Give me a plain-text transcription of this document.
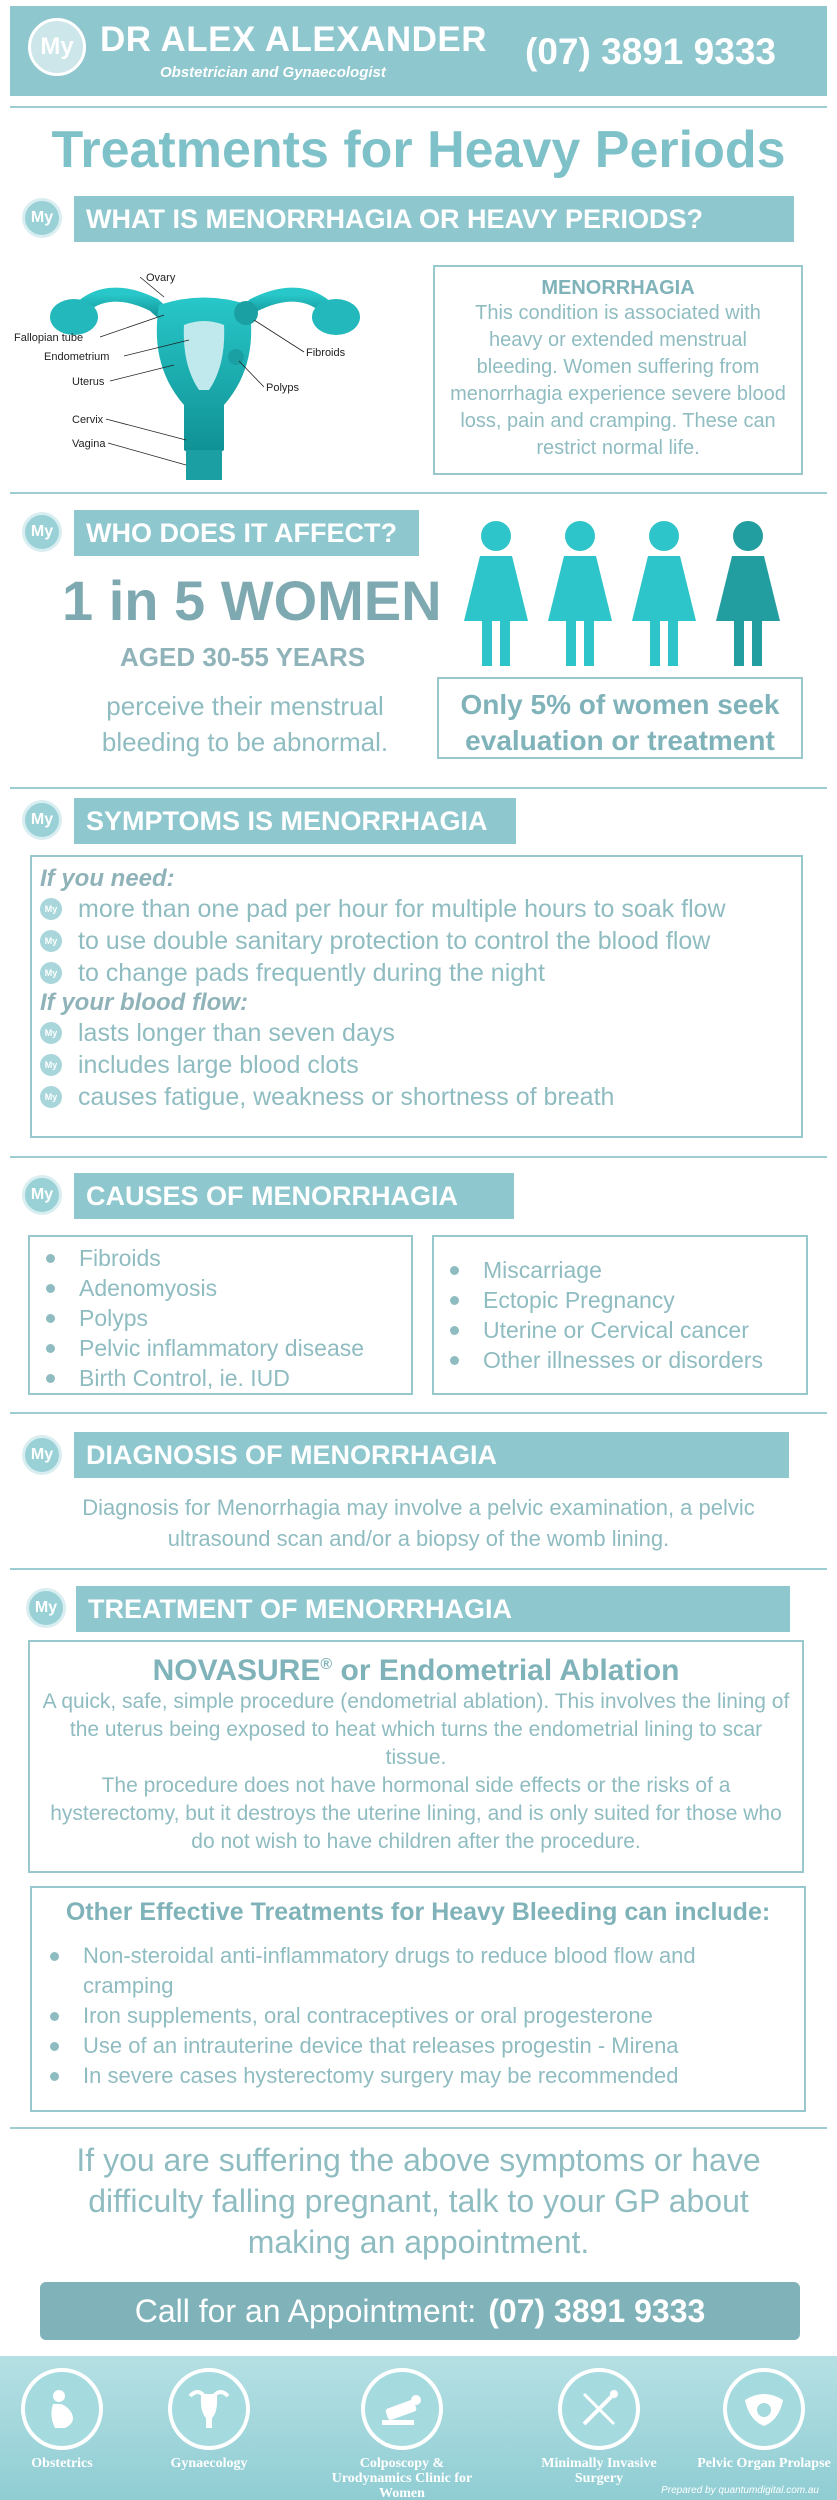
My DR ALEX ALEXANDER
Obstetrician and Gynaecologist
(07) 3891 9333
Treatments for Heavy Periods
My	WHAT IS MENORRHAGIA OR HEAVY PERIODS?
Ovary
Fallopian tube
Endometrium
Uterus
Cervix
Vagina
Fibroids
Polyps
MENORRHAGIA
This condition is associated with heavy or extended menstrual bleeding. Women suffering from menorrhagia experience severe blood loss, pain and cramping. These can restrict normal life.
My	WHO DOES IT AFFECT?
1 in 5 WOMEN
AGED 30-55 YEARS
perceive their menstrual bleeding to be abnormal.
Only 5% of women seek evaluation or treatment
My	SYMPTOMS IS MENORRHAGIA
If you need:
My more than one pad per hour for multiple hours to soak flow
My to use double sanitary protection to control the blood flow
My to change pads frequently during the night
If your blood flow:
My lasts longer than seven days
My includes large blood clots
My causes fatigue, weakness or shortness of breath
My	CAUSES OF MENORRHAGIA
Fibroids
Adenomyosis
Polyps
Pelvic inflammatory disease
Birth Control, ie. IUD
Miscarriage
Ectopic Pregnancy
Uterine or Cervical cancer
Other illnesses or disorders
My	DIAGNOSIS OF MENORRHAGIA
Diagnosis for Menorrhagia may involve a pelvic examination, a pelvic ultrasound scan and/or a biopsy of the womb lining.
My	TREATMENT OF MENORRHAGIA
NOVASURE® or Endometrial Ablation
A quick, safe, simple procedure (endometrial ablation). This involves the lining of the uterus being exposed to heat which turns the endometrial lining to scar tissue.
The procedure does not have hormonal side effects or the risks of a hysterectomy, but it destroys the uterine lining, and is only suited for those who do not wish to have children after the procedure.
Other Effective Treatments for Heavy Bleeding can include:
Non-steroidal anti-inflammatory drugs to reduce blood flow and cramping
Iron supplements, oral contraceptives or oral progesterone
Use of an intrauterine device that releases progestin - Mirena
In severe cases hysterectomy surgery may be recommended
If you are suffering the above symptoms or have difficulty falling pregnant, talk to your GP about making an appointment.
Call for an Appointment: (07) 3891 9333
Obstetrics	Gynaecology	Colposcopy & Urodynamics Clinic for Women
Minimally Invasive Surgery
Pelvic Organ Prolapse
Prepared by quantumdigital.com.au
